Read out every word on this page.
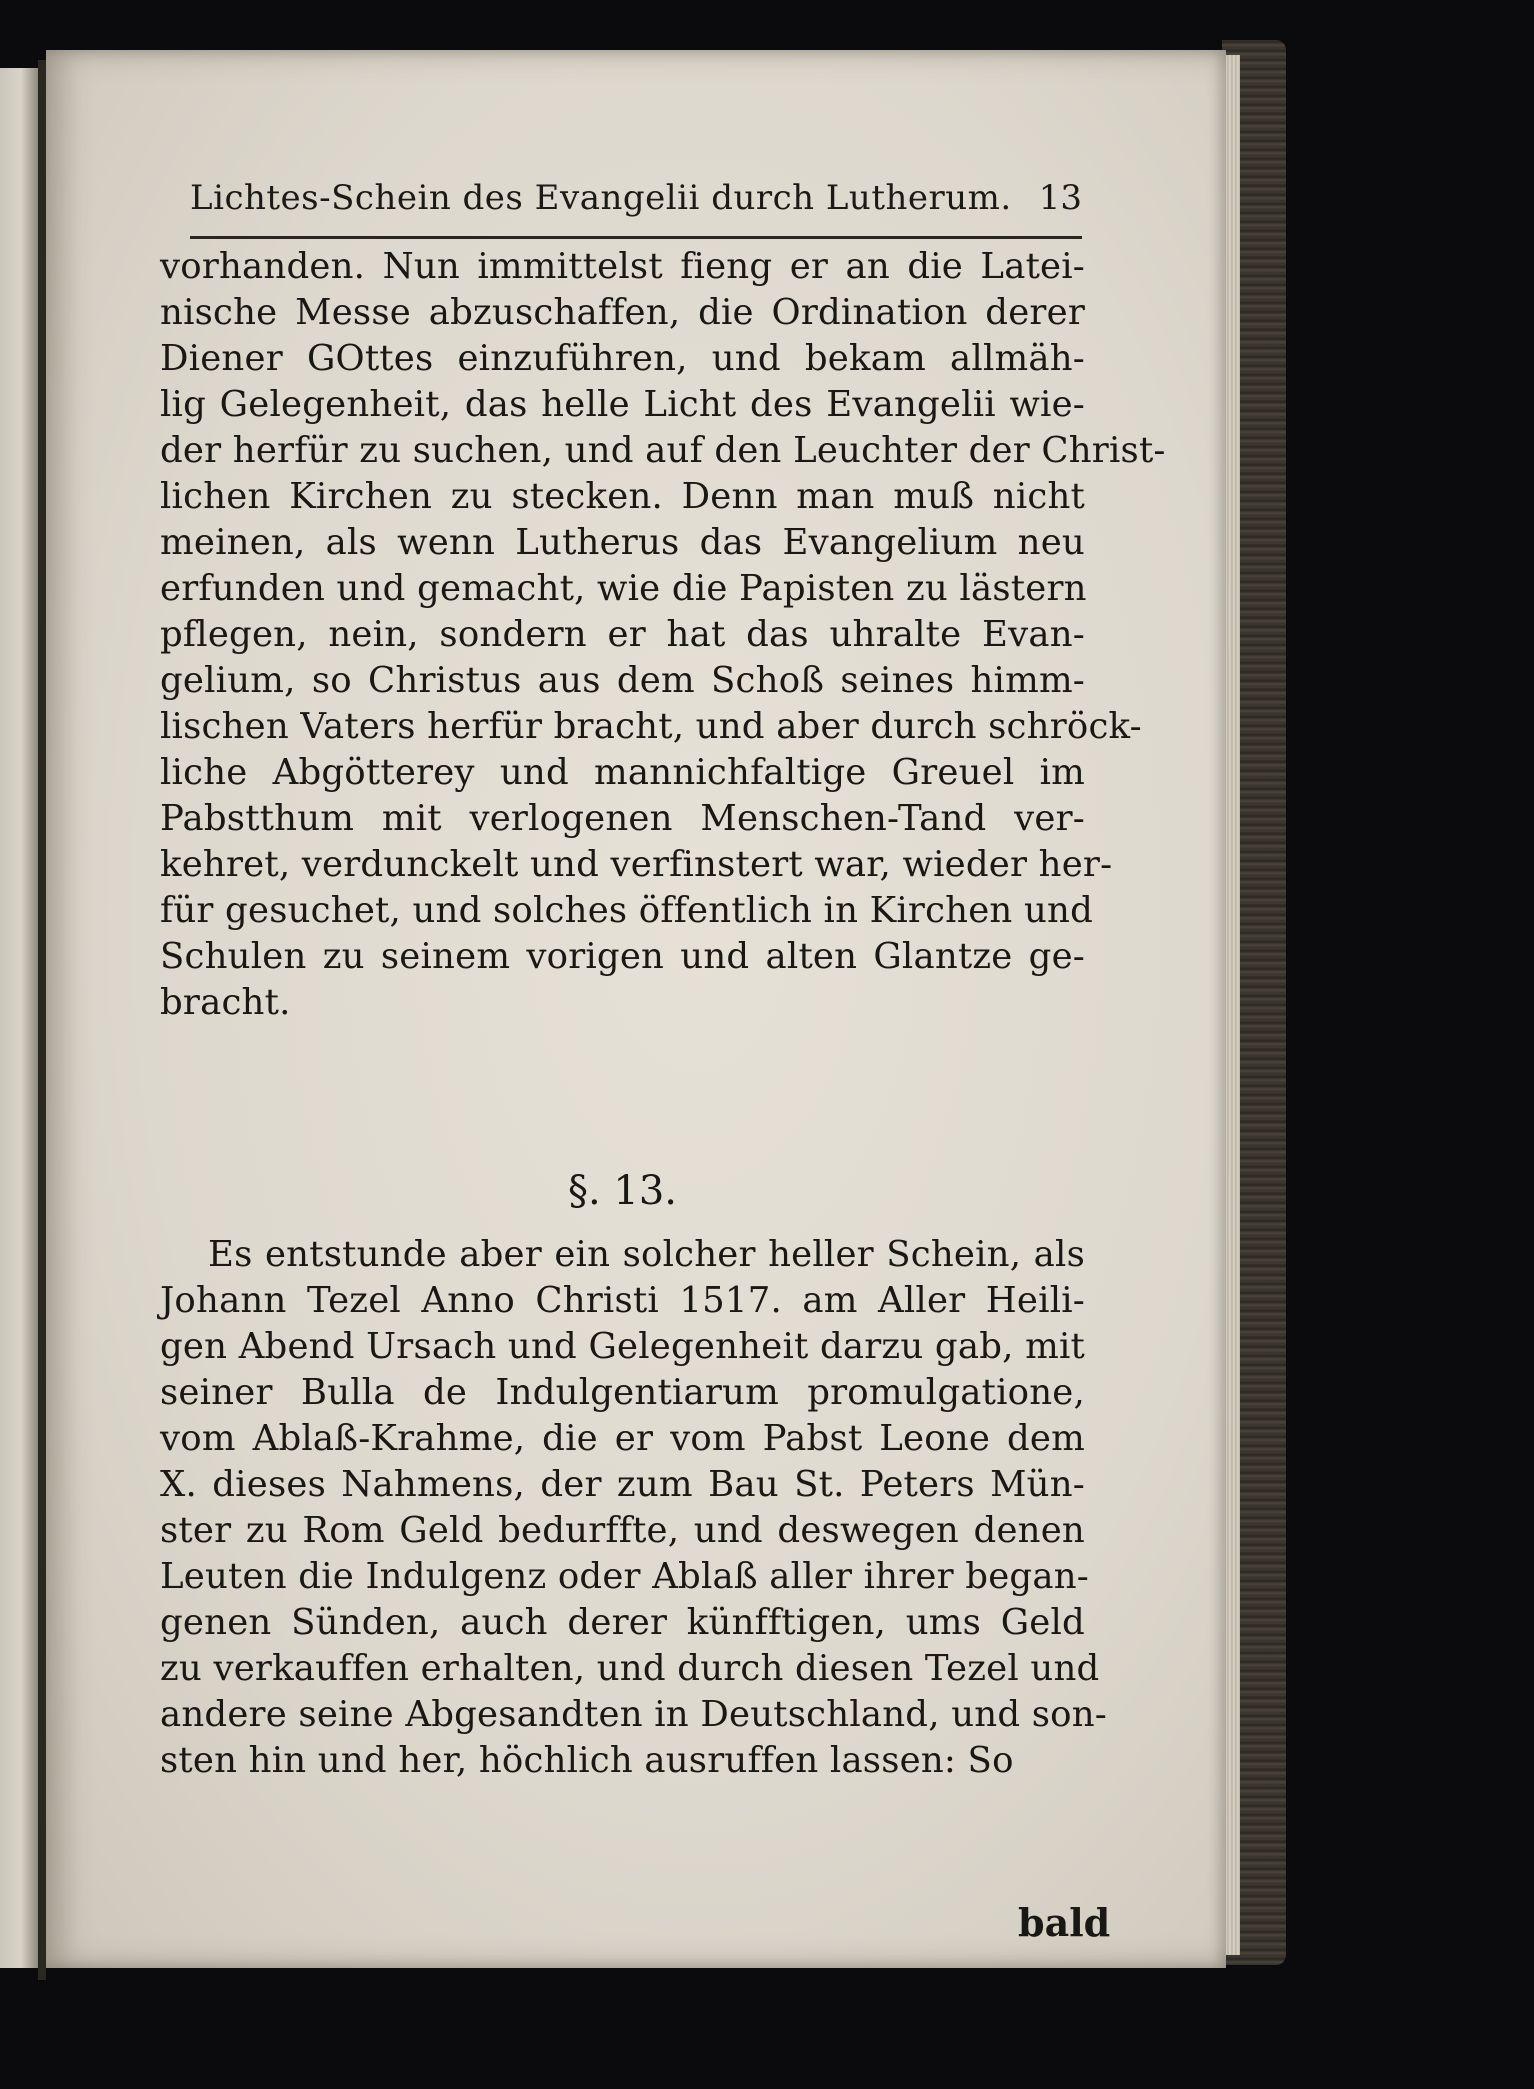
Lichtes-Schein des Evangelii durch Lutherum. 13
vorhanden. Nun immittelst fieng er an die Latei-
nische Messe abzuschaffen, die Ordination derer
Diener GOttes einzuführen, und bekam allmäh-
lig Gelegenheit, das helle Licht des Evangelii wie-
der herfür zu suchen, und auf den Leuchter der Christ-
lichen Kirchen zu stecken. Denn man muß nicht
meinen, als wenn Lutherus das Evangelium neu
erfunden und gemacht, wie die Papisten zu lästern
pflegen, nein, sondern er hat das uhralte Evan-
gelium, so Christus aus dem Schoß seines himm-
lischen Vaters herfür bracht, und aber durch schröck-
liche Abgötterey und mannichfaltige Greuel im
Pabstthum mit verlogenen Menschen-Tand ver-
kehret, verdunckelt und verfinstert war, wieder her-
für gesuchet, und solches öffentlich in Kirchen und
Schulen zu seinem vorigen und alten Glantze ge-
bracht.
§. 13.
Es entstunde aber ein solcher heller Schein, als
Johann Tezel Anno Christi 1517. am Aller Heili-
gen Abend Ursach und Gelegenheit darzu gab, mit
seiner Bulla de Indulgentiarum promulgatione,
vom Ablaß-Krahme, die er vom Pabst Leone dem
X. dieses Nahmens, der zum Bau St. Peters Mün-
ster zu Rom Geld bedurffte, und deswegen denen
Leuten die Indulgenz oder Ablaß aller ihrer began-
genen Sünden, auch derer künfftigen, ums Geld
zu verkauffen erhalten, und durch diesen Tezel und
andere seine Abgesandten in Deutschland, und son-
sten hin und her, höchlich ausruffen lassen: So
bald
